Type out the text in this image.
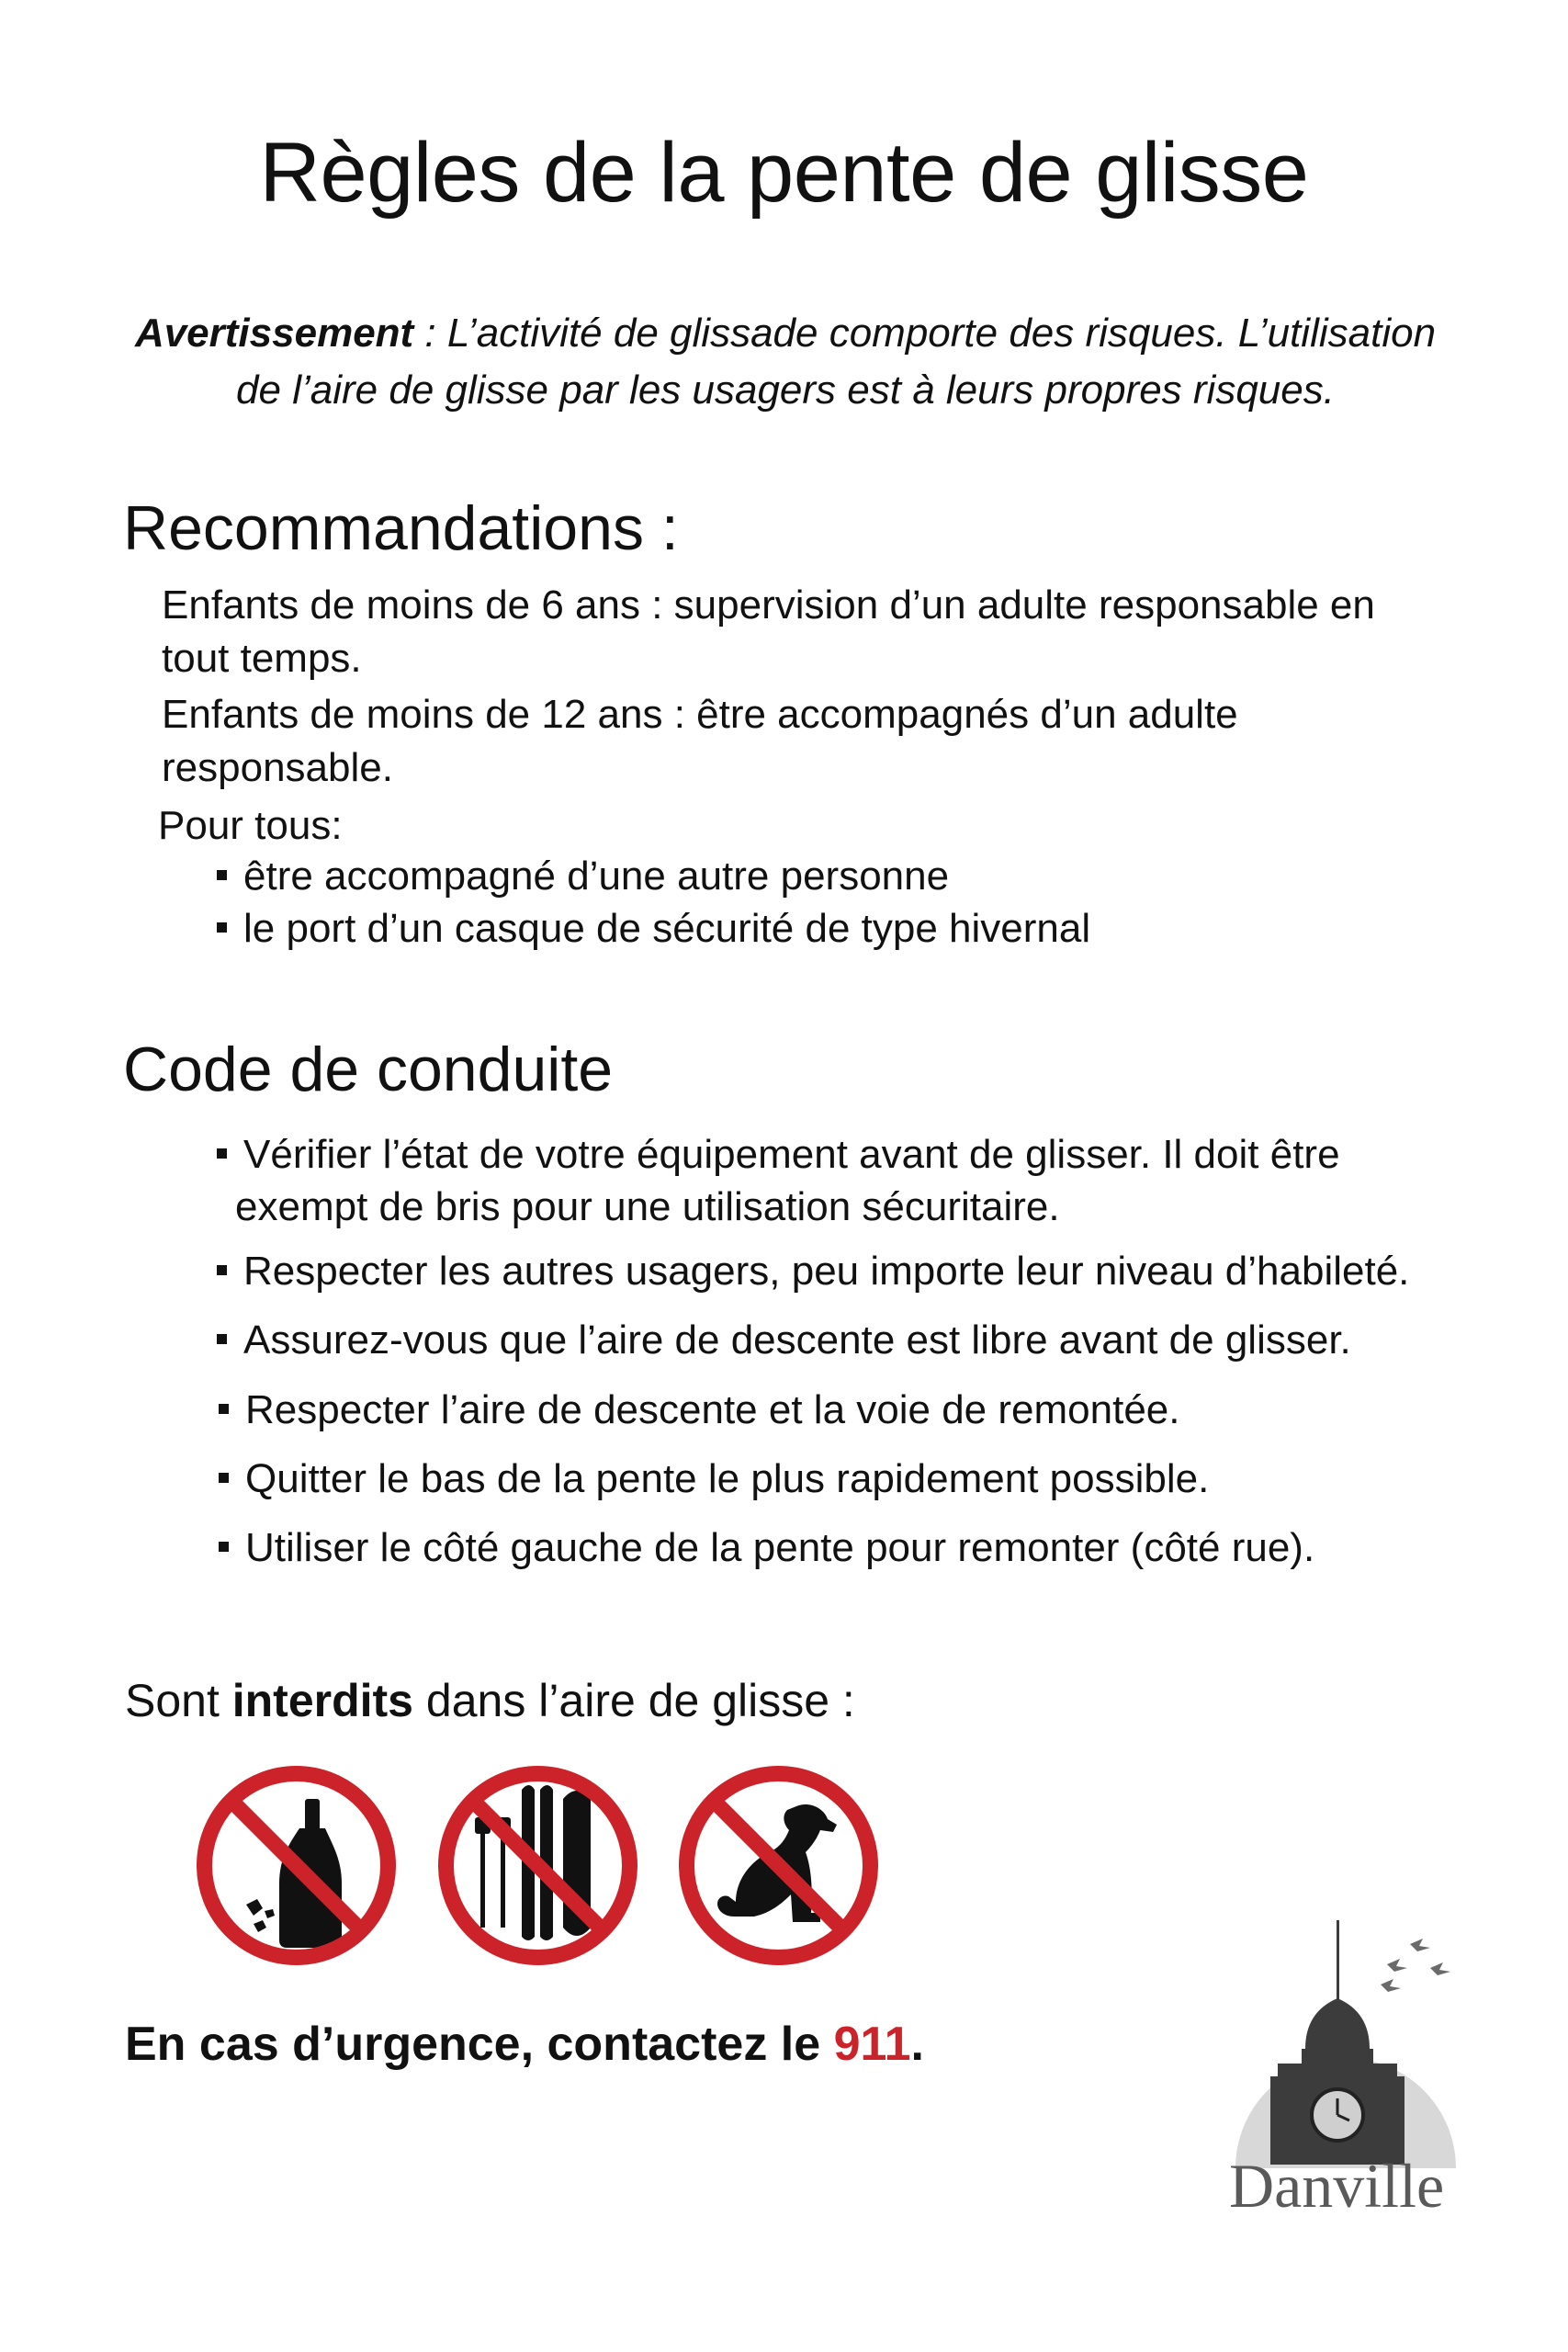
Règles de la pente de glisse

Avertissement : L’activité de glissade comporte des risques. L’utilisation
de l’aire de glisse par les usagers est à leurs propres risques.

Recommandations :

Enfants de moins de 6 ans : supervision d’un adulte responsable en
tout temps.

Enfants de moins de 12 ans : être accompagnés d’un adulte
responsable.

Pour tous:

être accompagné d’une autre personne

le port d’un casque de sécurité de type hivernal

Code de conduite

Vérifier l’état de votre équipement avant de glisser. Il doit être

exempt de bris pour une utilisation sécuritaire.

Respecter les autres usagers, peu importe leur niveau d’habileté.

Assurez-vous que l’aire de descente est libre avant de glisser.

Respecter l’aire de descente et la voie de remontée.

Quitter le bas de la pente le plus rapidement possible.

Utiliser le côté gauche de la pente pour remonter (côté rue).

Sont interdits dans l’aire de glisse :

En cas d’urgence, contactez le 911.

Danville
